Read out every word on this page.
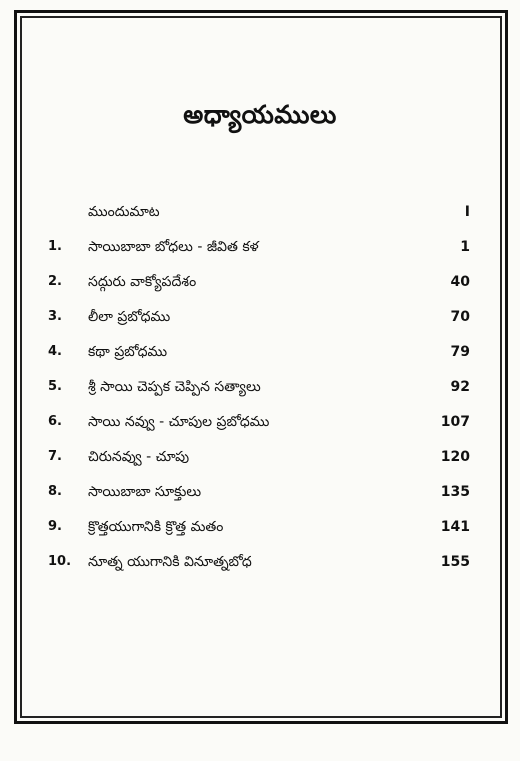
అధ్యాయములు
ముందుమాట	I
1.	సాయిబాబా బోధలు - జీవిత కళ	1
2.	సద్గురు వాక్యోపదేశం	40
3.	లీలా ప్రబోధము	70
4.	కథా ప్రబోధము	79
5.	శ్రీ సాయి చెప్పక చెప్పిన సత్యాలు	92
6.	సాయి నవ్వు - చూపుల ప్రబోధము	107
7.	చిరునవ్వు - చూపు	120
8.	సాయిబాబా సూక్తులు	135
9.	క్రొత్తయుగానికి క్రొత్త మతం	141
10. నూత్న యుగానికి వినూత్నబోధ	155
